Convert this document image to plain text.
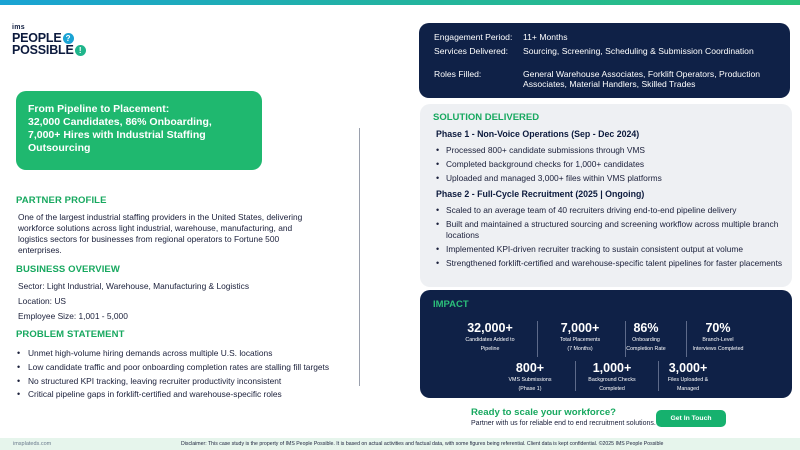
ims
PEOPLE ?
POSSIBLE !
From Pipeline to Placement:
32,000 Candidates, 86% Onboarding,
7,000+ Hires with Industrial Staffing
Outsourcing
PARTNER PROFILE
One of the largest industrial staffing providers in the United States, delivering workforce solutions across light industrial, warehouse, manufacturing, and logistics sectors for businesses from regional operators to Fortune 500 enterprises.
BUSINESS OVERVIEW
Sector: Light Industrial, Warehouse, Manufacturing & Logistics
Location: US
Employee Size: 1,001 - 5,000
PROBLEM STATEMENT
• Unmet high-volume hiring demands across multiple U.S. locations
• Low candidate traffic and poor onboarding completion rates are stalling fill targets
• No structured KPI tracking, leaving recruiter productivity inconsistent
• Critical pipeline gaps in forklift-certified and warehouse-specific roles
Engagement Period: 11+ Months
Services Delivered: Sourcing, Screening, Scheduling & Submission Coordination
Roles Filled:	General Warehouse Associates, Forklift Operators, Production Associates, Material Handlers, Skilled Trades
SOLUTION DELIVERED
Phase 1 - Non-Voice Operations (Sep - Dec 2024)
• Processed 800+ candidate submissions through VMS
• Completed background checks for 1,000+ candidates
• Uploaded and managed 3,000+ files within VMS platforms
Phase 2 - Full-Cycle Recruitment (2025 | Ongoing)
• Scaled to an average team of 40 recruiters driving end-to-end pipeline delivery
• Built and maintained a structured sourcing and screening workflow across multiple branch locations
• Implemented KPI-driven recruiter tracking to sustain consistent output at volume
• Strengthened forklift-certified and warehouse-specific talent pipelines for faster placements
IMPACT
32,000+
Candidates Added to
Pipeline
7,000+
Total Placements
(7 Months)
86%
Onboarding
Completion Rate
70%
Branch-Level
Interviews Completed
800+
VMS Submissions
(Phase 1)
1,000+
Background Checks
Completed
3,000+
Files Uploaded &
Managed
Ready to scale your workforce?
Partner with us for reliable end to end recruitment solutions.
Get In Touch
imsplateds.com	Disclaimer: This case study is the property of IMS People Possible. It is based on actual activities and factual data, with some figures being referential. Client data is kept confidential. ©2025 IMS People Possible
